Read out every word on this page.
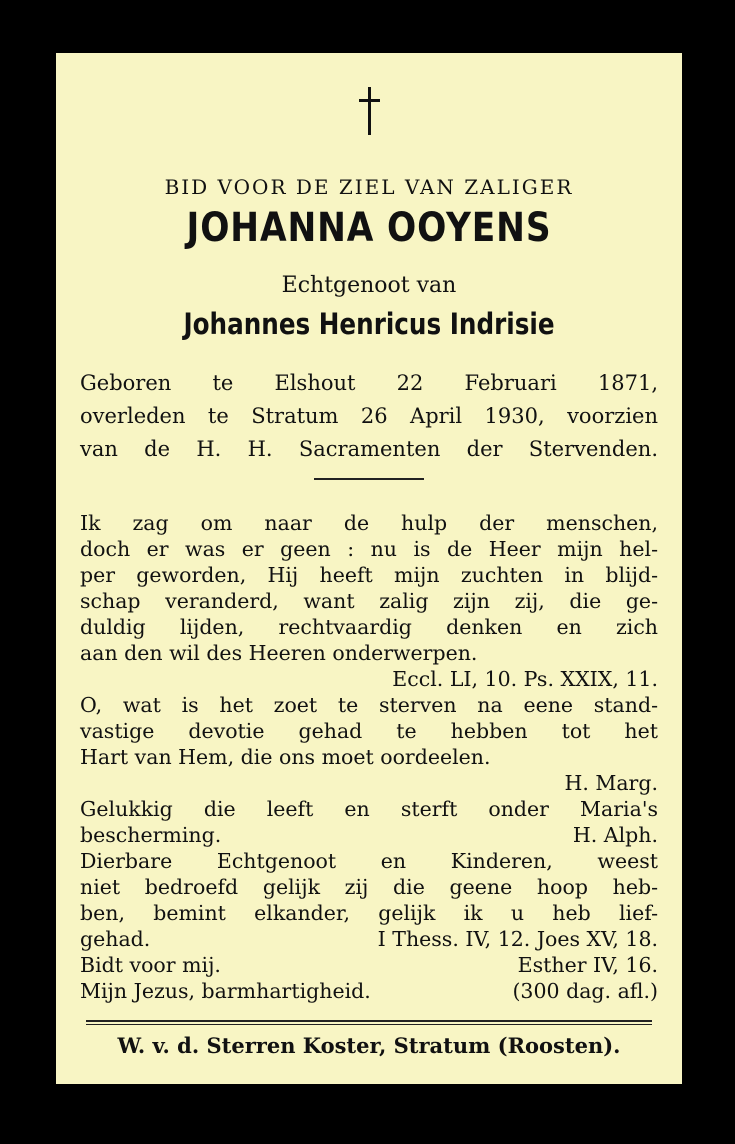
BID VOOR DE ZIEL VAN ZALIGER
JOHANNA OOYENS
Echtgenoot van
Johannes Henricus Indrisie
Geboren te Elshout 22 Februari 1871,
overleden te Stratum 26 April 1930, voorzien
van de H. H. Sacramenten der Stervenden.
Ik zag om naar de hulp der menschen,
doch er was er geen : nu is de Heer mijn hel-
per geworden, Hij heeft mijn zuchten in blijd-
schap veranderd, want zalig zijn zij, die ge-
duldig lijden, rechtvaardig denken en zich
aan den wil des Heeren onderwerpen.
Eccl. LI, 10. Ps. XXIX, 11.
O, wat is het zoet te sterven na eene stand-
vastige devotie gehad te hebben tot het
Hart van Hem, die ons moet oordeelen.
H. Marg.
Gelukkig die leeft en sterft onder Maria's
bescherming.	H. Alph.
Dierbare Echtgenoot en Kinderen, weest
niet bedroefd gelijk zij die geene hoop heb-
ben, bemint elkander, gelijk ik u heb lief-
gehad.	I Thess. IV, 12. Joes XV, 18.
Bidt voor mij.	Esther IV, 16.
Mijn Jezus, barmhartigheid.	(300 dag. afl.)
W. v. d. Sterren Koster, Stratum (Roosten).
